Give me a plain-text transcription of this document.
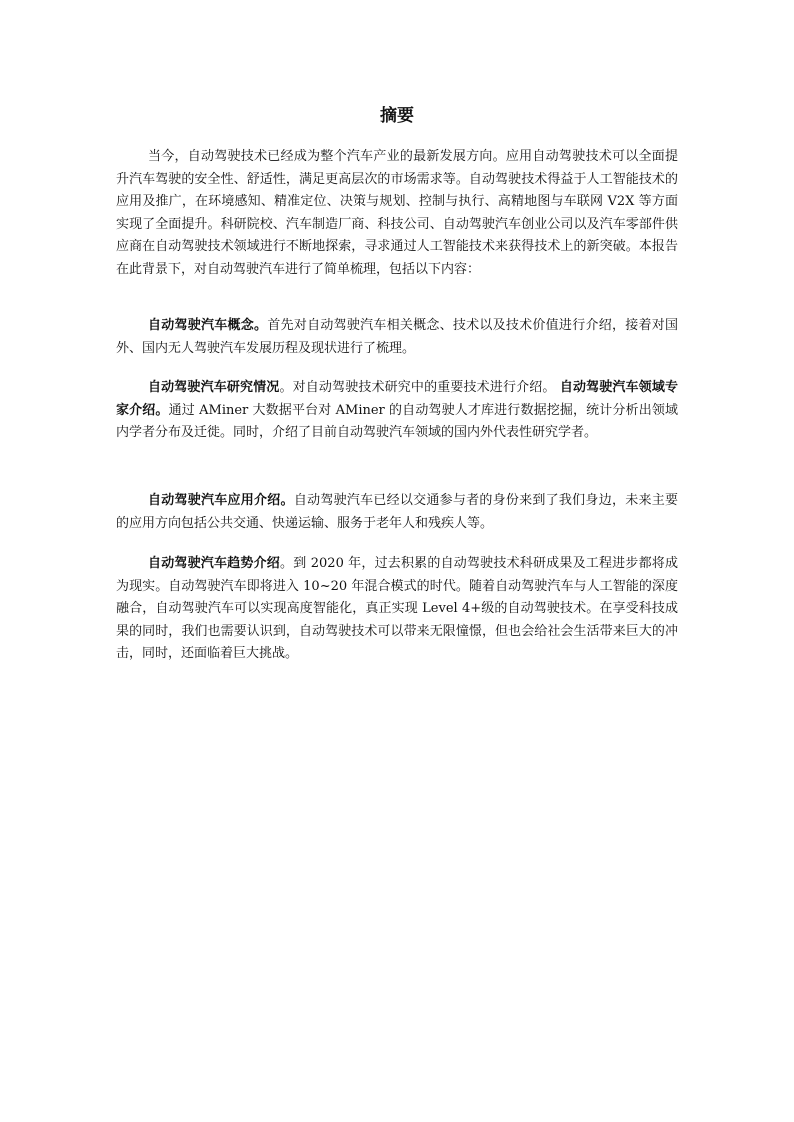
摘要

当今，自动驾驶技术已经成为整个汽车产业的最新发展方向。应用自动驾驶技术可以全面提升汽车驾驶的安全性、舒适性，满足更高层次的市场需求等。自动驾驶技术得益于人工智能技术的应用及推广，在环境感知、精准定位、决策与规划、控制与执行、高精地图与车联网 V2X 等方面实现了全面提升。科研院校、汽车制造厂商、科技公司、自动驾驶汽车创业公司以及汽车零部件供应商在自动驾驶技术领域进行不断地探索，寻求通过人工智能技术来获得技术上的新突破。本报告在此背景下，对自动驾驶汽车进行了简单梳理，包括以下内容：

自动驾驶汽车概念。首先对自动驾驶汽车相关概念、技术以及技术价值进行介绍，接着对国外、国内无人驾驶汽车发展历程及现状进行了梳理。

自动驾驶汽车研究情况。对自动驾驶技术研究中的重要技术进行介绍。 自动驾驶汽车领域专家介绍。通过 AMiner 大数据平台对 AMiner 的自动驾驶人才库进行数据挖掘，统计分析出领域内学者分布及迁徙。同时，介绍了目前自动驾驶汽车领域的国内外代表性研究学者。

自动驾驶汽车应用介绍。自动驾驶汽车已经以交通参与者的身份来到了我们身边，未来主要的应用方向包括公共交通、快递运输、服务于老年人和残疾人等。

自动驾驶汽车趋势介绍。到 2020 年，过去积累的自动驾驶技术科研成果及工程进步都将成为现实。自动驾驶汽车即将进入 10~20 年混合模式的时代。随着自动驾驶汽车与人工智能的深度融合，自动驾驶汽车可以实现高度智能化，真正实现 Level 4+级的自动驾驶技术。在享受科技成果的同时，我们也需要认识到，自动驾驶技术可以带来无限憧憬，但也会给社会生活带来巨大的冲击，同时，还面临着巨大挑战。
